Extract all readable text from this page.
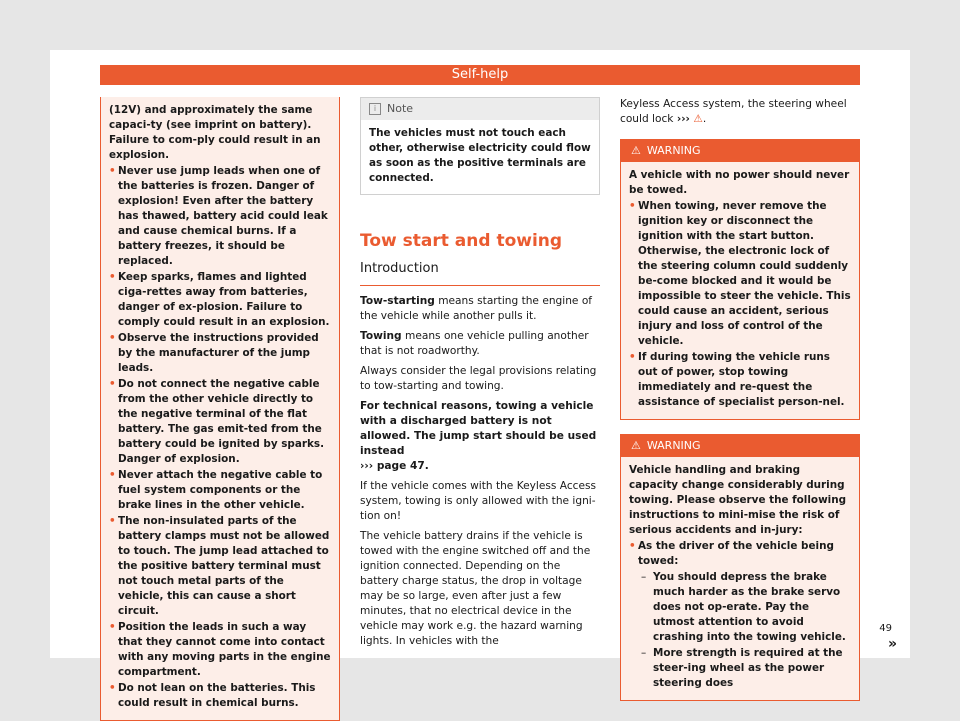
Self-help

(12V) and approximately the same capaci-ty (see imprint on battery). Failure to com-ply could result in an explosion.

• Never use jump leads when one of the batteries is frozen. Danger of explosion! Even after the battery has thawed, battery acid could leak and cause chemical burns. If a battery freezes, it should be replaced.

• Keep sparks, flames and lighted ciga-rettes away from batteries, danger of ex-plosion. Failure to comply could result in an explosion.

• Observe the instructions provided by the manufacturer of the jump leads.

• Do not connect the negative cable from the other vehicle directly to the negative terminal of the flat battery. The gas emit-ted from the battery could be ignited by sparks. Danger of explosion.

• Never attach the negative cable to fuel system components or the brake lines in the other vehicle.

• The non-insulated parts of the battery clamps must not be allowed to touch. The jump lead attached to the positive battery terminal must not touch metal parts of the vehicle, this can cause a short circuit.

• Position the leads in such a way that they cannot come into contact with any moving parts in the engine compartment.

• Do not lean on the batteries. This could result in chemical burns.

i Note
The vehicles must not touch each other, otherwise electricity could flow as soon as the positive terminals are connected.
Tow start and towing
Introduction

Tow-starting means starting the engine of the vehicle while another pulls it.

Towing means one vehicle pulling another that is not roadworthy.

Always consider the legal provisions relating to tow-starting and towing.

For technical reasons, towing a vehicle with a discharged battery is not allowed. The jump start should be used instead
››› page 47.

If the vehicle comes with the Keyless Access system, towing is only allowed with the igni-tion on!

The vehicle battery drains if the vehicle is towed with the engine switched off and the ignition connected. Depending on the battery charge status, the drop in voltage may be so large, even after just a few minutes, that no electrical device in the vehicle may work e.g. the hazard warning lights. In vehicles with the

Keyless Access system, the steering wheel could lock ››› ⚠.

⚠ WARNING

A vehicle with no power should never be towed.

• When towing, never remove the ignition key or disconnect the ignition with the start button. Otherwise, the electronic lock of the steering column could suddenly be-come blocked and it would be impossible to steer the vehicle. This could cause an accident, serious injury and loss of control of the vehicle.

• If during towing the vehicle runs out of power, stop towing immediately and re-quest the assistance of specialist person-nel.

⚠ WARNING

Vehicle handling and braking capacity change considerably during towing. Please observe the following instructions to mini-mise the risk of serious accidents and in-jury:

• As the driver of the vehicle being towed:

– You should depress the brake much harder as the brake servo does not op-erate. Pay the utmost attention to avoid crashing into the towing vehicle.

– More strength is required at the steer-ing wheel as the power steering does

»
49
